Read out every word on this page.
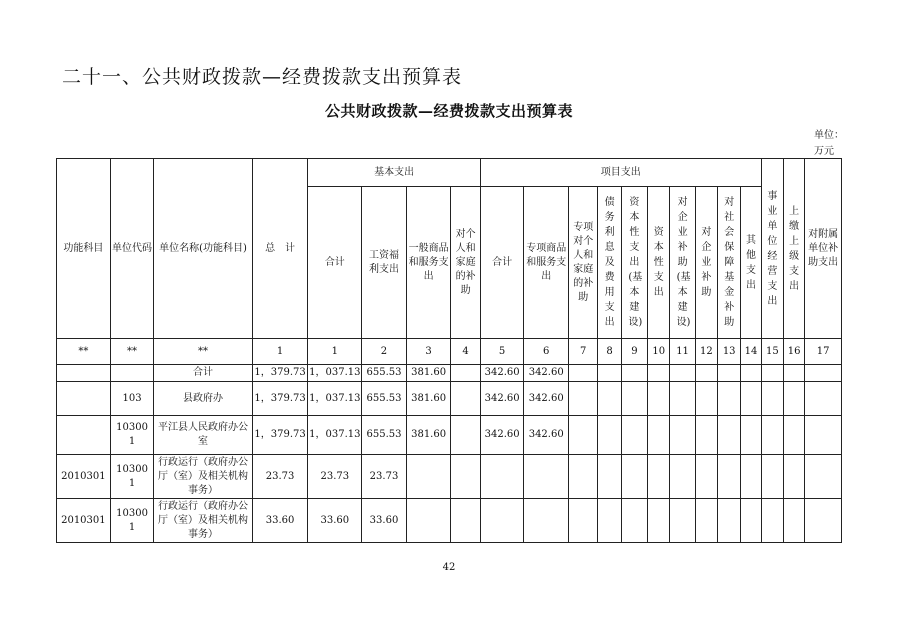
二十一、公共财政拨款—经费拨款支出预算表
公共财政拨款—经费拨款支出预算表
单位：
万元
功能科目	单位代码	单位名称(功能科目)	总　计	基本支出				项目支出										事业单位经营支出	上缴上级支出	对附属单位补助支出

				合计	工资福利支出	一般商品和服务支出	对个人和家庭的补助	合计	专项商品和服务支出	专项对个人和家庭的补助	债务利息及费用支出	资本性支出(基本建设)	资本性支出	对企业补助(基本建设)	对企业补助	对社会保障基金补助	其他支出			

**	**	**	1	1	2	3	4	5	6	7	8	9	10	11	12	13	14	15	16	17
		合计	1，379.73	1，037.13	655.53	381.60		342.60	342.60											
	103	县政府办	1，379.73	1，037.13	655.53	381.60		342.60	342.60											

	103001	平江县人民政府办公室	1，379.73	1，037.13	655.53	381.60		342.60	342.60											
2010301	103001	行政运行（政府办公厅（室）及相关机构事务）	23.73	23.73	23.73															
2010301	103001	行政运行（政府办公厅（室）及相关机构事务）	33.60	33.60	33.60															
42
